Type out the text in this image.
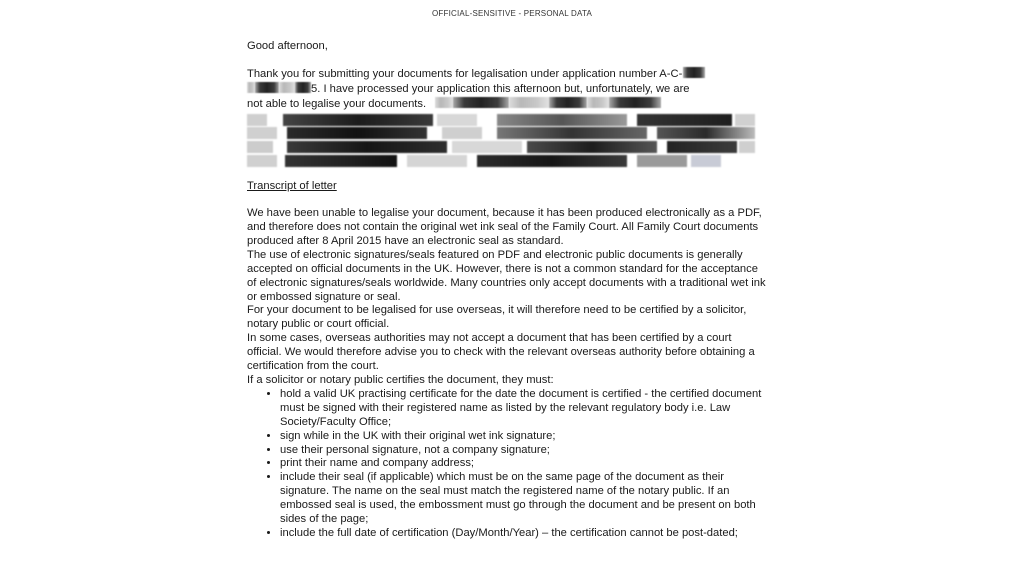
OFFICIAL-SENSITIVE - PERSONAL DATA

Good afternoon,

Thank you for submitting your documents for legalisation under application number A-C-
5. I have processed your application this afternoon but, unfortunately, we are
not able to legalise your documents.

Transcript of letter

We have been unable to legalise your document, because it has been produced electronically as a PDF, and therefore does not contain the original wet ink seal of the Family Court. All Family Court documents produced after 8 April 2015 have an electronic seal as standard.

The use of electronic signatures/seals featured on PDF and electronic public documents is generally accepted on official documents in the UK. However, there is not a common standard for the acceptance of electronic signatures/seals worldwide. Many countries only accept documents with a traditional wet ink or embossed signature or seal.

For your document to be legalised for use overseas, it will therefore need to be certified by a solicitor, notary public or court official.

In some cases, overseas authorities may not accept a document that has been certified by a court official. We would therefore advise you to check with the relevant overseas authority before obtaining a certification from the court.

If a solicitor or notary public certifies the document, they must:

• hold a valid UK practising certificate for the date the document is certified - the certified document must be signed with their registered name as listed by the relevant regulatory body i.e. Law Society/Faculty Office;
• sign while in the UK with their original wet ink signature;
• use their personal signature, not a company signature;
• print their name and company address;
• include their seal (if applicable) which must be on the same page of the document as their signature. The name on the seal must match the registered name of the notary public. If an embossed seal is used, the embossment must go through the document and be present on both sides of the page;
• include the full date of certification (Day/Month/Year) – the certification cannot be post-dated;
